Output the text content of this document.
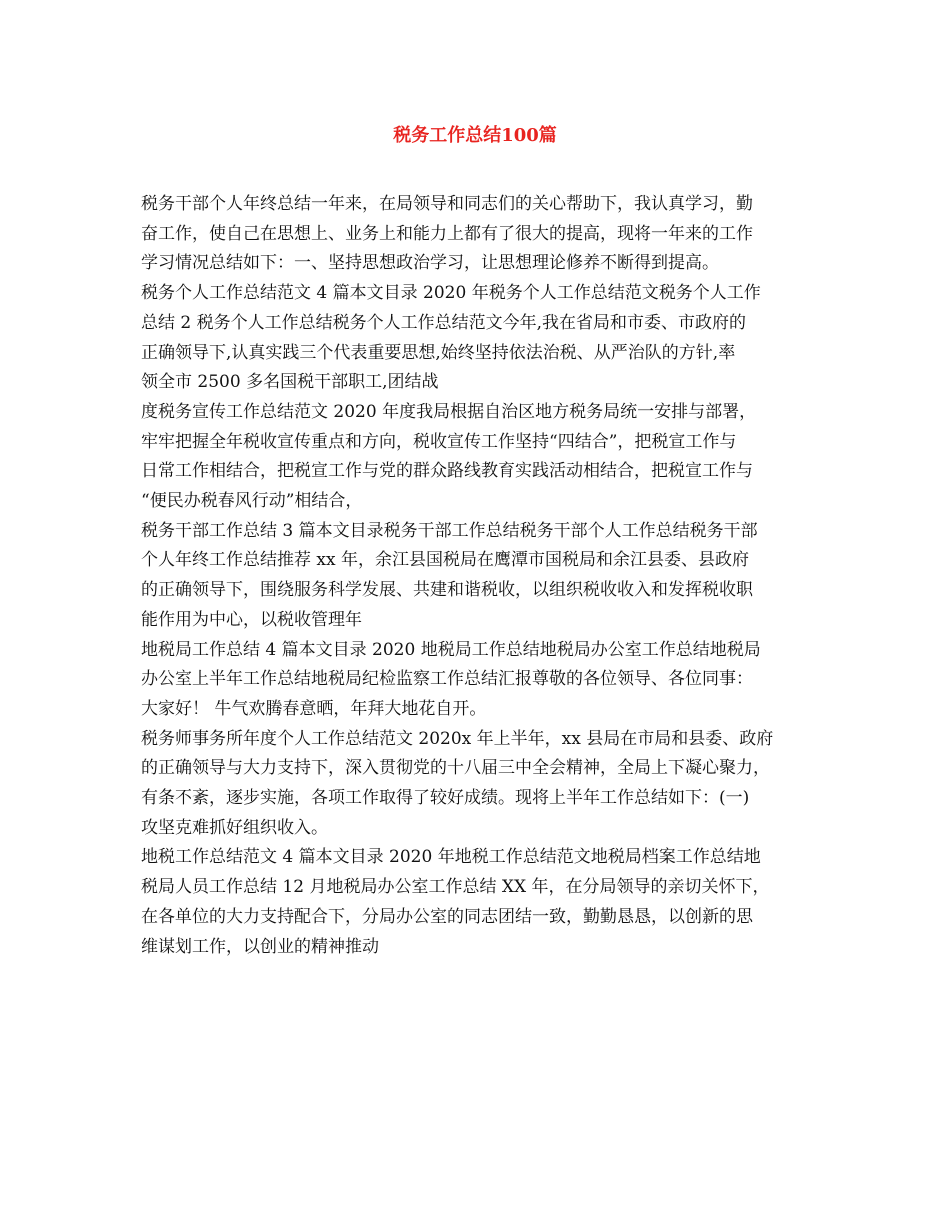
税务工作总结100篇
税务干部个人年终总结一年来，在局领导和同志们的关心帮助下，我认真学习，勤
奋工作，使自己在思想上、业务上和能力上都有了很大的提高，现将一年来的工作
学习情况总结如下：一、坚持思想政治学习，让思想理论修养不断得到提高。
税务个人工作总结范文 4 篇本文目录 2020 年税务个人工作总结范文税务个人工作
总结 2 税务个人工作总结税务个人工作总结范文今年,我在省局和市委、市政府的
正确领导下,认真实践三个代表重要思想,始终坚持依法治税、从严治队的方针,率
领全市 2500 多名国税干部职工,团结战
度税务宣传工作总结范文 2020 年度我局根据自治区地方税务局统一安排与部署，
牢牢把握全年税收宣传重点和方向，税收宣传工作坚持“四结合”，把税宣工作与
日常工作相结合，把税宣工作与党的群众路线教育实践活动相结合，把税宣工作与
“便民办税春风行动”相结合，
税务干部工作总结 3 篇本文目录税务干部工作总结税务干部个人工作总结税务干部
个人年终工作总结推荐 xx 年，余江县国税局在鹰潭市国税局和余江县委、县政府
的正确领导下，围绕服务科学发展、共建和谐税收，以组织税收收入和发挥税收职
能作用为中心，以税收管理年
地税局工作总结 4 篇本文目录 2020 地税局工作总结地税局办公室工作总结地税局
办公室上半年工作总结地税局纪检监察工作总结汇报尊敬的各位领导、各位同事：
大家好！ 牛气欢腾春意晒，年拜大地花自开。
税务师事务所年度个人工作总结范文 2020x 年上半年，xx 县局在市局和县委、政府
的正确领导与大力支持下，深入贯彻党的十八届三中全会精神，全局上下凝心聚力，
有条不紊，逐步实施，各项工作取得了较好成绩。现将上半年工作总结如下：(一)
攻坚克难抓好组织收入。
地税工作总结范文 4 篇本文目录 2020 年地税工作总结范文地税局档案工作总结地
税局人员工作总结 12 月地税局办公室工作总结 XX 年，在分局领导的亲切关怀下，
在各单位的大力支持配合下，分局办公室的同志团结一致，勤勤恳恳，以创新的思
维谋划工作，以创业的精神推动
